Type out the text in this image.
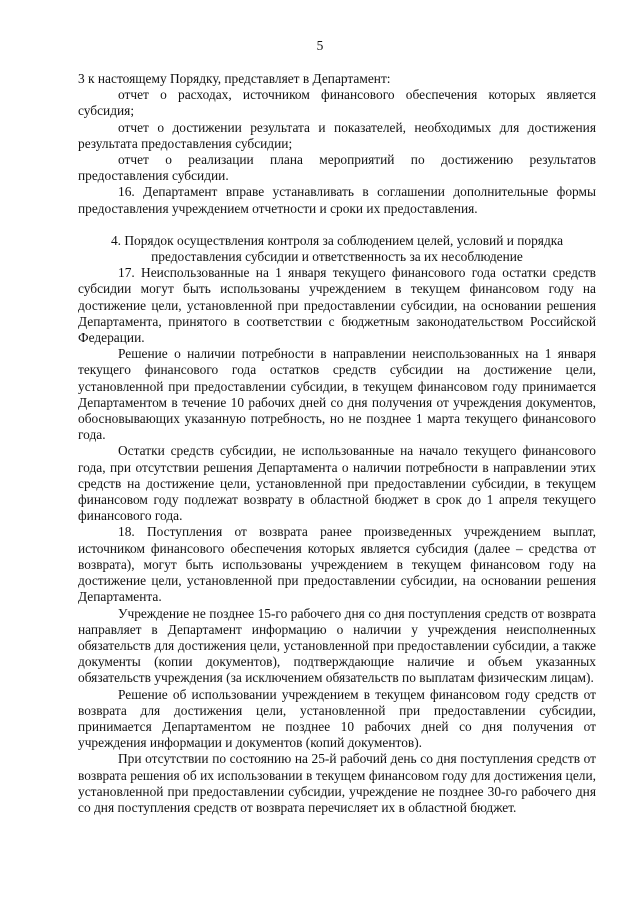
5

3 к настоящему Порядку, представляет в Департамент:

отчет о расходах, источником финансового обеспечения которых является субсидия;

отчет о достижении результата и показателей, необходимых для достижения результата предоставления субсидии;

отчет о реализации плана мероприятий по достижению результатов предоставления субсидии.

16. Департамент вправе устанавливать в соглашении дополнительные формы предоставления учреждением отчетности и сроки их предоставления.

4. Порядок осуществления контроля за соблюдением целей, условий и порядка предоставления субсидии и ответственность за их несоблюдение

17. Неиспользованные на 1 января текущего финансового года остатки средств субсидии могут быть использованы учреждением в текущем финансовом году на достижение цели, установленной при предоставлении субсидии, на основании решения Департамента, принятого в соответствии с бюджетным законодательством Российской Федерации.

Решение о наличии потребности в направлении неиспользованных на 1 января текущего финансового года остатков средств субсидии на достижение цели, установленной при предоставлении субсидии, в текущем финансовом году принимается Департаментом в течение 10 рабочих дней со дня получения от учреждения документов, обосновывающих указанную потребность, но не позднее 1 марта текущего финансового года.

Остатки средств субсидии, не использованные на начало текущего финансового года, при отсутствии решения Департамента о наличии потребности в направлении этих средств на достижение цели, установленной при предоставлении субсидии, в текущем финансовом году подлежат возврату в областной бюджет в срок до 1 апреля текущего финансового года.

18. Поступления от возврата ранее произведенных учреждением выплат, источником финансового обеспечения которых является субсидия (далее – средства от возврата), могут быть использованы учреждением в текущем финансовом году на достижение цели, установленной при предоставлении субсидии, на основании решения Департамента.

Учреждение не позднее 15-го рабочего дня со дня поступления средств от возврата направляет в Департамент информацию о наличии у учреждения неисполненных обязательств для достижения цели, установленной при предоставлении субсидии, а также документы (копии документов), подтверждающие наличие и объем указанных обязательств учреждения (за исключением обязательств по выплатам физическим лицам).

Решение об использовании учреждением в текущем финансовом году средств от возврата для достижения цели, установленной при предоставлении субсидии, принимается Департаментом не позднее 10 рабочих дней со дня получения от учреждения информации и документов (копий документов).

При отсутствии по состоянию на 25-й рабочий день со дня поступления средств от возврата решения об их использовании в текущем финансовом году для достижения цели, установленной при предоставлении субсидии, учреждение не позднее 30-го рабочего дня со дня поступления средств от возврата перечисляет их в областной бюджет.
